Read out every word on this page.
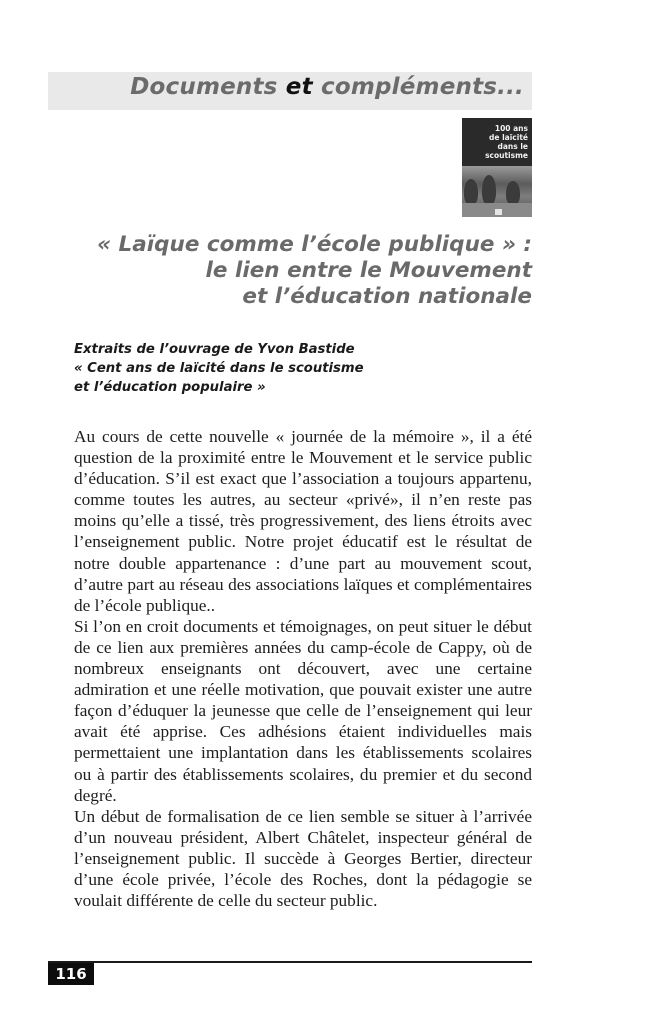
Documents et compléments...
100 ans
de laïcité
dans le scoutisme
« Laïque comme l’école publique » :
le lien entre le Mouvement
et l’éducation nationale
Extraits de l’ouvrage de Yvon Bastide
« Cent ans de laïcité dans le scoutisme
et l’éducation populaire »

Au cours de cette nouvelle « journée de la mémoire », il a été question de la proximité entre le Mouvement et le service public d’éducation. S’il est exact que l’association a toujours appartenu, comme toutes les autres, au secteur «privé», il n’en reste pas moins qu’elle a tissé, très progressivement, des liens étroits avec l’enseignement public. Notre projet éducatif est le résultat de notre double appartenance : d’une part au mouvement scout, d’autre part au réseau des associations laïques et complémentaires de l’école publique..

Si l’on en croit documents et témoignages, on peut situer le début de ce lien aux premières années du camp-école de Cappy, où de nombreux enseignants ont découvert, avec une certaine admiration et une réelle motivation, que pouvait exister une autre façon d’éduquer la jeunesse que celle de l’enseignement qui leur avait été apprise. Ces adhésions étaient individuelles mais permettaient une implantation dans les établissements scolaires ou à partir des établissements scolaires, du premier et du second degré.

Un début de formalisation de ce lien semble se situer à l’arrivée d’un nouveau président, Albert Châtelet, inspecteur général de l’enseignement public. Il succède à Georges Bertier, directeur d’une école privée, l’école des Roches, dont la pédagogie se voulait différente de celle du secteur public.

116
